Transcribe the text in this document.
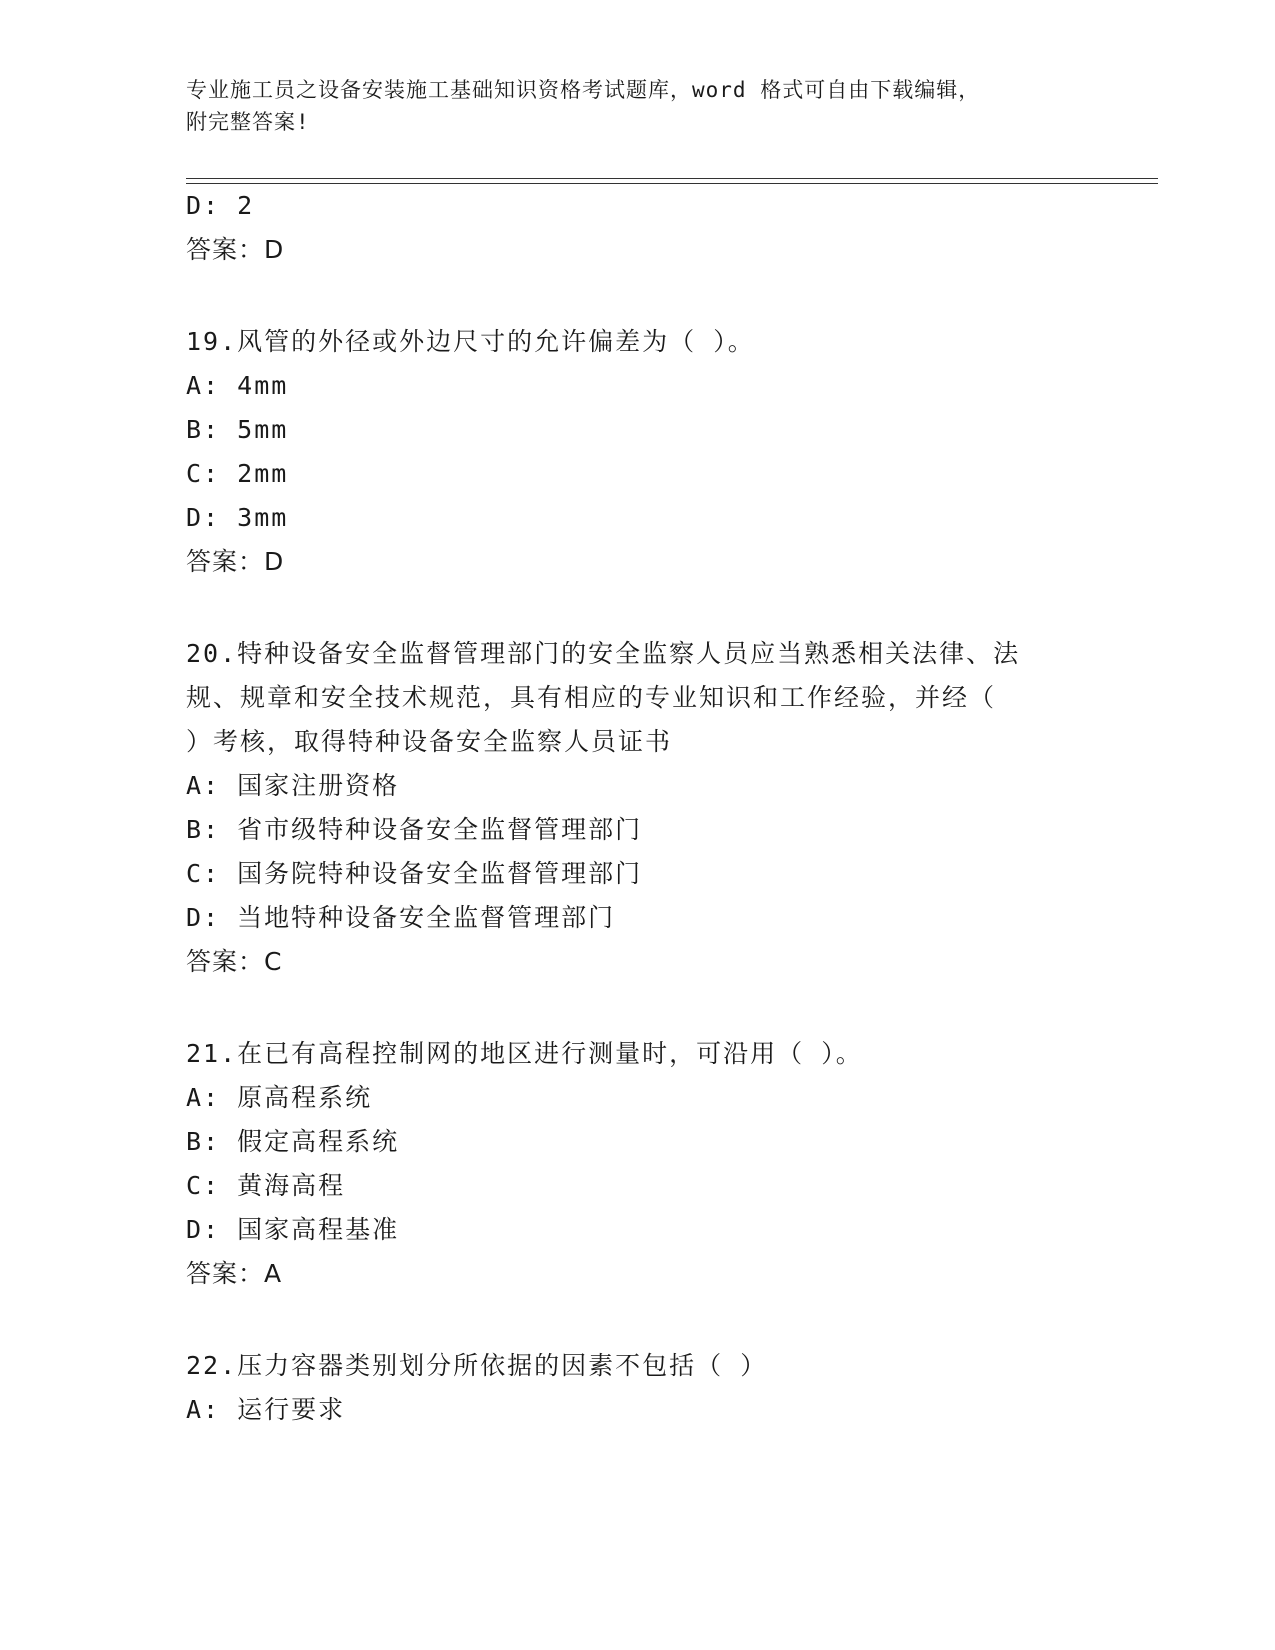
专业施工员之设备安装施工基础知识资格考试题库，word 格式可自由下载编辑，
附完整答案!
D: 2
答案：D
19.风管的外径或外边尺寸的允许偏差为（ ）。
A: 4mm
B: 5mm
C: 2mm
D: 3mm
答案：D
20.特种设备安全监督管理部门的安全监察人员应当熟悉相关法律、法
规、规章和安全技术规范，具有相应的专业知识和工作经验，并经（
）考核，取得特种设备安全监察人员证书
A: 国家注册资格
B: 省市级特种设备安全监督管理部门
C: 国务院特种设备安全监督管理部门
D: 当地特种设备安全监督管理部门
答案：C
21.在已有高程控制网的地区进行测量时，可沿用（ ）。
A: 原高程系统
B: 假定高程系统
C: 黄海高程
D: 国家高程基准
答案：A
22.压力容器类别划分所依据的因素不包括（ ）
A: 运行要求
